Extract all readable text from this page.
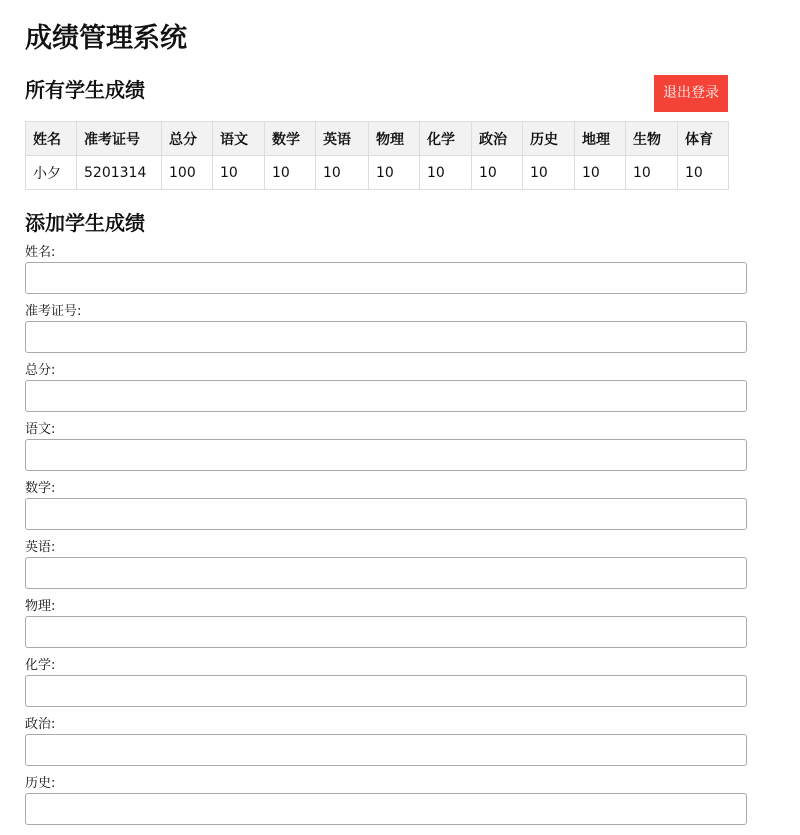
成绩管理系统
所有学生成绩	退出登录
姓名	准考证号	总分	语文	数学	英语	物理	化学	政治	历史	地理	生物	体育
小夕	5201314	100	10	10	10	10	10	10	10	10	10	10
添加学生成绩
姓名:
准考证号:
总分:
语文:
数学:
英语:
物理:
化学:
政治:
历史:
